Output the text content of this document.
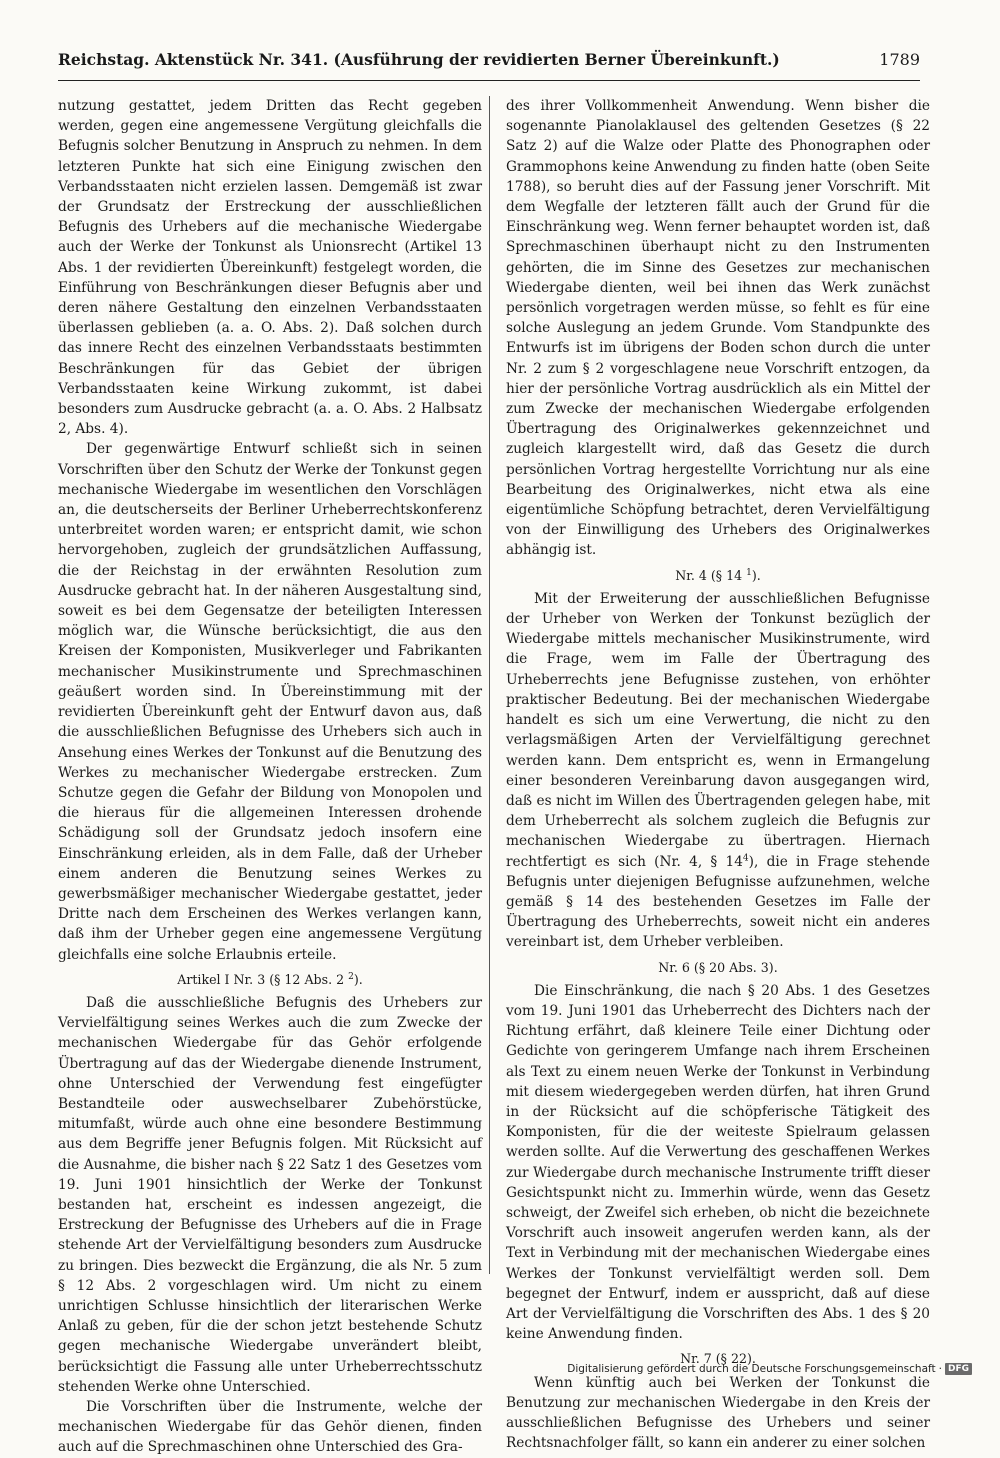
Reichstag. Aktenstück Nr. 341. (Ausführung der revidierten Berner Übereinkunft.)	1789

nutzung gestattet, jedem Dritten das Recht gegeben werden, gegen eine angemessene Vergütung gleichfalls die Befugnis solcher Benutzung in Anspruch zu nehmen. In dem letzteren Punkte hat sich eine Einigung zwischen den Verbandsstaaten nicht erzielen lassen. Demgemäß ist zwar der Grundsatz der Erstreckung der ausschließlichen Befugnis des Urhebers auf die mechanische Wiedergabe auch der Werke der Tonkunst als Unionsrecht (Artikel 13 Abs. 1 der revidierten Übereinkunft) festgelegt worden, die Einführung von Beschränkungen dieser Befugnis aber und deren nähere Gestaltung den einzelnen Verbandsstaaten überlassen geblieben (a. a. O. Abs. 2). Daß solchen durch das innere Recht des einzelnen Verbandsstaats bestimmten Beschränkungen für das Gebiet der übrigen Verbandsstaaten keine Wirkung zukommt, ist dabei besonders zum Ausdrucke gebracht (a. a. O. Abs. 2 Halbsatz 2, Abs. 4).

Der gegenwärtige Entwurf schließt sich in seinen Vorschriften über den Schutz der Werke der Tonkunst gegen mechanische Wiedergabe im wesentlichen den Vorschlägen an, die deutscherseits der Berliner Urheberrechtskonferenz unterbreitet worden waren; er entspricht damit, wie schon hervorgehoben, zugleich der grundsätzlichen Auffassung, die der Reichstag in der erwähnten Resolution zum Ausdrucke gebracht hat. In der näheren Ausgestaltung sind, soweit es bei dem Gegensatze der beteiligten Interessen möglich war, die Wünsche berücksichtigt, die aus den Kreisen der Komponisten, Musikverleger und Fabrikanten mechanischer Musikinstrumente und Sprechmaschinen geäußert worden sind. In Übereinstimmung mit der revidierten Übereinkunft geht der Entwurf davon aus, daß die ausschließlichen Befugnisse des Urhebers sich auch in Ansehung eines Werkes der Tonkunst auf die Benutzung des Werkes zu mechanischer Wiedergabe erstrecken. Zum Schutze gegen die Gefahr der Bildung von Monopolen und die hieraus für die allgemeinen Interessen drohende Schädigung soll der Grundsatz jedoch insofern eine Einschränkung erleiden, als in dem Falle, daß der Urheber einem anderen die Benutzung seines Werkes zu gewerbsmäßiger mechanischer Wiedergabe gestattet, jeder Dritte nach dem Erscheinen des Werkes verlangen kann, daß ihm der Urheber gegen eine angemessene Vergütung gleichfalls eine solche Erlaubnis erteile.

Artikel I Nr. 3 (§ 12 Abs. 2 $^2$).

Daß die ausschließliche Befugnis des Urhebers zur Vervielfältigung seines Werkes auch die zum Zwecke der mechanischen Wiedergabe für das Gehör erfolgende Übertragung auf das der Wiedergabe dienende Instrument, ohne Unterschied der Verwendung fest eingefügter Bestandteile oder auswechselbarer Zubehörstücke, mitumfaßt, würde auch ohne eine besondere Bestimmung aus dem Begriffe jener Befugnis folgen. Mit Rücksicht auf die Ausnahme, die bisher nach § 22 Satz 1 des Gesetzes vom 19. Juni 1901 hinsichtlich der Werke der Tonkunst bestanden hat, erscheint es indessen angezeigt, die Erstreckung der Befugnisse des Urhebers auf die in Frage stehende Art der Vervielfältigung besonders zum Ausdrucke zu bringen. Dies bezweckt die Ergänzung, die als Nr. 5 zum § 12 Abs. 2 vorgeschlagen wird. Um nicht zu einem unrichtigen Schlusse hinsichtlich der literarischen Werke Anlaß zu geben, für die der schon jetzt bestehende Schutz gegen mechanische Wiedergabe unverändert bleibt, berücksichtigt die Fassung alle unter Urheberrechtsschutz stehenden Werke ohne Unterschied.

Die Vorschriften über die Instrumente, welche der mechanischen Wiedergabe für das Gehör dienen, finden auch auf die Sprechmaschinen ohne Unterschied des Gra-

des ihrer Vollkommenheit Anwendung. Wenn bisher die sogenannte Pianolaklausel des geltenden Gesetzes (§ 22 Satz 2) auf die Walze oder Platte des Phonographen oder Grammophons keine Anwendung zu finden hatte (oben Seite 1788), so beruht dies auf der Fassung jener Vorschrift. Mit dem Wegfalle der letzteren fällt auch der Grund für die Einschränkung weg. Wenn ferner behauptet worden ist, daß Sprechmaschinen überhaupt nicht zu den Instrumenten gehörten, die im Sinne des Gesetzes zur mechanischen Wiedergabe dienten, weil bei ihnen das Werk zunächst persönlich vorgetragen werden müsse, so fehlt es für eine solche Auslegung an jedem Grunde. Vom Standpunkte des Entwurfs ist im übrigens der Boden schon durch die unter Nr. 2 zum § 2 vorgeschlagene neue Vorschrift entzogen, da hier der persönliche Vortrag ausdrücklich als ein Mittel der zum Zwecke der mechanischen Wiedergabe erfolgenden Übertragung des Originalwerkes gekennzeichnet und zugleich klargestellt wird, daß das Gesetz die durch persönlichen Vortrag hergestellte Vorrichtung nur als eine Bearbeitung des Originalwerkes, nicht etwa als eine eigentümliche Schöpfung betrachtet, deren Vervielfältigung von der Einwilligung des Urhebers des Originalwerkes abhängig ist.

Nr. 4 (§ 14 $^1$).

Mit der Erweiterung der ausschließlichen Befugnisse der Urheber von Werken der Tonkunst bezüglich der Wiedergabe mittels mechanischer Musikinstrumente, wird die Frage, wem im Falle der Übertragung des Urheberrechts jene Befugnisse zustehen, von erhöhter praktischer Bedeutung. Bei der mechanischen Wiedergabe handelt es sich um eine Verwertung, die nicht zu den verlagsmäßigen Arten der Vervielfältigung gerechnet werden kann. Dem entspricht es, wenn in Ermangelung einer besonderen Vereinbarung davon ausgegangen wird, daß es nicht im Willen des Übertragenden gelegen habe, mit dem Urheberrecht als solchem zugleich die Befugnis zur mechanischen Wiedergabe zu übertragen. Hiernach rechtfertigt es sich (Nr. 4, § $14^4$), die in Frage stehende Befugnis unter diejenigen Befugnisse aufzunehmen, welche gemäß § 14 des bestehenden Gesetzes im Falle der Übertragung des Urheberrechts, soweit nicht ein anderes vereinbart ist, dem Urheber verbleiben.

Nr. 6 (§ 20 Abs. 3).

Die Einschränkung, die nach § 20 Abs. 1 des Gesetzes vom 19. Juni 1901 das Urheberrecht des Dichters nach der Richtung erfährt, daß kleinere Teile einer Dichtung oder Gedichte von geringerem Umfange nach ihrem Erscheinen als Text zu einem neuen Werke der Tonkunst in Verbindung mit diesem wiedergegeben werden dürfen, hat ihren Grund in der Rücksicht auf die schöpferische Tätigkeit des Komponisten, für die der weiteste Spielraum gelassen werden sollte. Auf die Verwertung des geschaffenen Werkes zur Wiedergabe durch mechanische Instrumente trifft dieser Gesichtspunkt nicht zu. Immerhin würde, wenn das Gesetz schweigt, der Zweifel sich erheben, ob nicht die bezeichnete Vorschrift auch insoweit angerufen werden kann, als der Text in Verbindung mit der mechanischen Wiedergabe eines Werkes der Tonkunst vervielfältigt werden soll. Dem begegnet der Entwurf, indem er ausspricht, daß auf diese Art der Vervielfältigung die Vorschriften des Abs. 1 des § 20 keine Anwendung finden.

Nr. 7 (§ 22).

Wenn künftig auch bei Werken der Tonkunst die Benutzung zur mechanischen Wiedergabe in den Kreis der ausschließlichen Befugnisse des Urhebers und seiner Rechtsnachfolger fällt, so kann ein anderer zu einer solchen

Digitalisierung gefördert durch die Deutsche Forschungsgemeinschaft · DFG
